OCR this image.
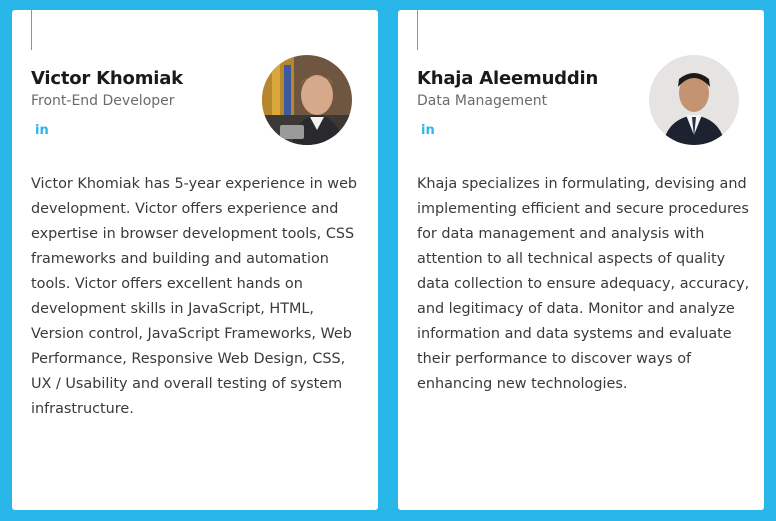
Victor Khomiak

Front-End Developer

in

Victor Khomiak has 5-year experience in web development. Victor offers experience and expertise in browser development tools, CSS frameworks and building and automation tools. Victor offers excellent hands on development skills in JavaScript, HTML, Version control, JavaScript Frameworks, Web Performance, Responsive Web Design, CSS, UX / Usability and overall testing of system infrastructure.

Khaja Aleemuddin

Data Management

in

Khaja specializes in formulating, devising and implementing efficient and secure procedures for data management and analysis with attention to all technical aspects of quality data collection to ensure adequacy, accuracy, and legitimacy of data. Monitor and analyze information and data systems and evaluate their performance to discover ways of enhancing new technologies.
